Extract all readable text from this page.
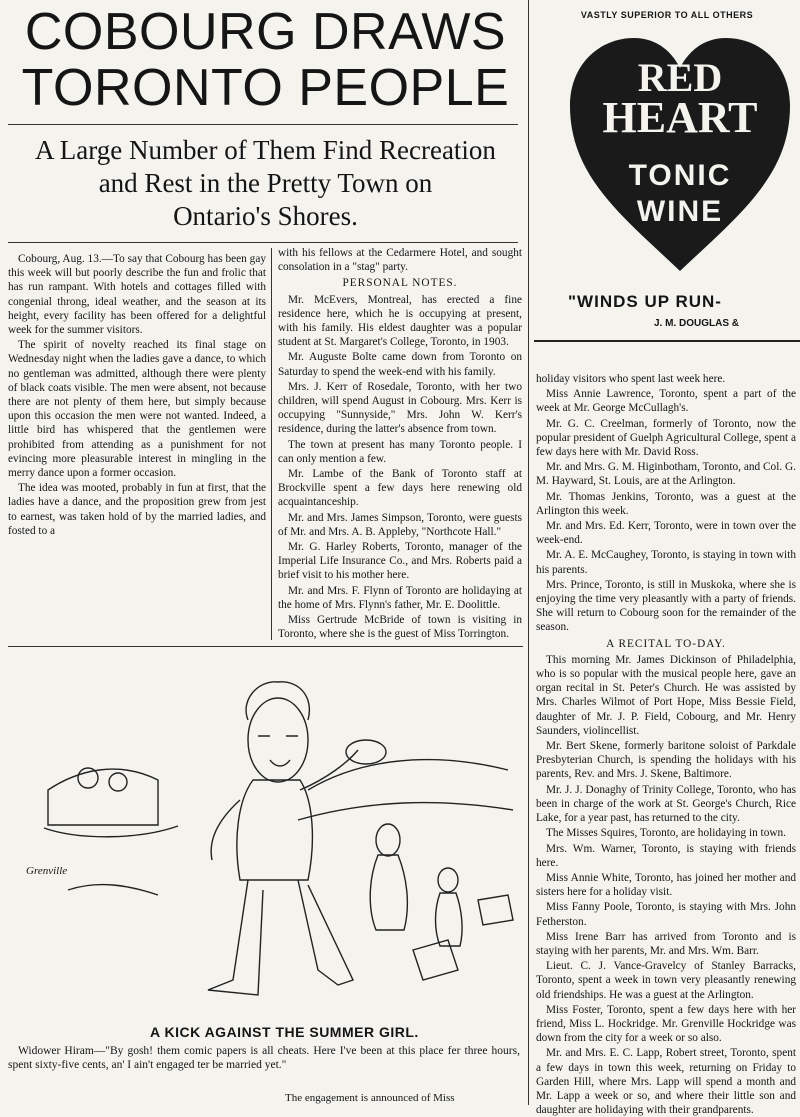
COBOURG DRAWS
TORONTO PEOPLE
A Large Number of Them Find Recreation
and Rest in the Pretty Town on
Ontario's Shores.
VASTLY SUPERIOR TO ALL OTHERS
RED
HEART
TONIC
WINE
"WINDS UP RUN-
J. M. DOUGLAS &

Cobourg, Aug. 13.—To say that Cobourg has been gay this week will but poorly describe the fun and frolic that has run rampant. With hotels and cottages filled with congenial throng, ideal weather, and the season at its height, every facility has been offered for a delightful week for the summer visitors.

The spirit of novelty reached its final stage on Wednesday night when the ladies gave a dance, to which no gentleman was admitted, although there were plenty of black coats visible. The men were absent, not because there are not plenty of them here, but simply because upon this occasion the men were not wanted. Indeed, a little bird has whispered that the gentlemen were prohibited from attending as a punishment for not evincing more pleasurable interest in mingling in the merry dance upon a former occasion.

The idea was mooted, probably in fun at first, that the ladies have a dance, and the proposition grew from jest to earnest, was taken hold of by the married ladies, and fosted to a

with his fellows at the Cedarmere Hotel, and sought consolation in a "stag" party.

PERSONAL NOTES.

Mr. McEvers, Montreal, has erected a fine residence here, which he is occupying at present, with his family. His eldest daughter was a popular student at St. Margaret's College, Toronto, in 1903.

Mr. Auguste Bolte came down from Toronto on Saturday to spend the week-end with his family.

Mrs. J. Kerr of Rosedale, Toronto, with her two children, will spend August in Cobourg. Mrs. Kerr is occupying "Sunnyside," Mrs. John W. Kerr's residence, during the latter's absence from town.

The town at present has many Toronto people. I can only mention a few.

Mr. Lambe of the Bank of Toronto staff at Brockville spent a few days here renewing old acquaintanceship.

Mr. and Mrs. James Simpson, Toronto, were guests of Mr. and Mrs. A. B. Appleby, "Northcote Hall."

Mr. G. Harley Roberts, Toronto, manager of the Imperial Life Insurance Co., and Mrs. Roberts paid a brief visit to his mother here.

Mr. and Mrs. F. Flynn of Toronto are holidaying at the home of Mrs. Flynn's father, Mr. E. Doolittle.

Miss Gertrude McBride of town is visiting in Toronto, where she is the guest of Miss Torrington.

holiday visitors who spent last week here.

Miss Annie Lawrence, Toronto, spent a part of the week at Mr. George McCullagh's.

Mr. G. C. Creelman, formerly of Toronto, now the popular president of Guelph Agricultural College, spent a few days here with Mr. David Ross.

Mr. and Mrs. G. M. Higinbotham, Toronto, and Col. G. M. Hayward, St. Louis, are at the Arlington.

Mr. Thomas Jenkins, Toronto, was a guest at the Arlington this week.

Mr. and Mrs. Ed. Kerr, Toronto, were in town over the week-end.

Mr. A. E. McCaughey, Toronto, is staying in town with his parents.

Mrs. Prince, Toronto, is still in Muskoka, where she is enjoying the time very pleasantly with a party of friends. She will return to Cobourg soon for the remainder of the season.

A RECITAL TO-DAY.

This morning Mr. James Dickinson of Philadelphia, who is so popular with the musical people here, gave an organ recital in St. Peter's Church. He was assisted by Mrs. Charles Wilmot of Port Hope, Miss Bessie Field, daughter of Mr. J. P. Field, Cobourg, and Mr. Henry Saunders, violincellist.

Mr. Bert Skene, formerly baritone soloist of Parkdale Presbyterian Church, is spending the holidays with his parents, Rev. and Mrs. J. Skene, Baltimore.

Mr. J. J. Donaghy of Trinity College, Toronto, who has been in charge of the work at St. George's Church, Rice Lake, for a year past, has returned to the city.

The Misses Squires, Toronto, are holidaying in town.

Mrs. Wm. Warner, Toronto, is staying with friends here.

Miss Annie White, Toronto, has joined her mother and sisters here for a holiday visit.

Miss Fanny Poole, Toronto, is staying with Mrs. John Fetherston.

Miss Irene Barr has arrived from Toronto and is staying with her parents, Mr. and Mrs. Wm. Barr.

Lieut. C. J. Vance-Gravelcy of Stanley Barracks, Toronto, spent a week in town very pleasantly renewing old friendships. He was a guest at the Arlington.

Miss Foster, Toronto, spent a few days here with her friend, Miss L. Hockridge. Mr. Grenville Hockridge was down from the city for a week or so also.

Mr. and Mrs. E. C. Lapp, Robert street, Toronto, spent a few days in town this week, returning on Friday to Garden Hill, where Mrs. Lapp will spend a month and Mr. Lapp a week or so, and where their little son and daughter are holidaying with their grandparents.

Grenville
A KICK AGAINST THE SUMMER GIRL.

Widower Hiram—"By gosh! them comic papers is all cheats. Here I've been at this place fer three hours, spent sixty-five cents, an' I ain't engaged ter be married yet."

The engagement is announced of Miss
